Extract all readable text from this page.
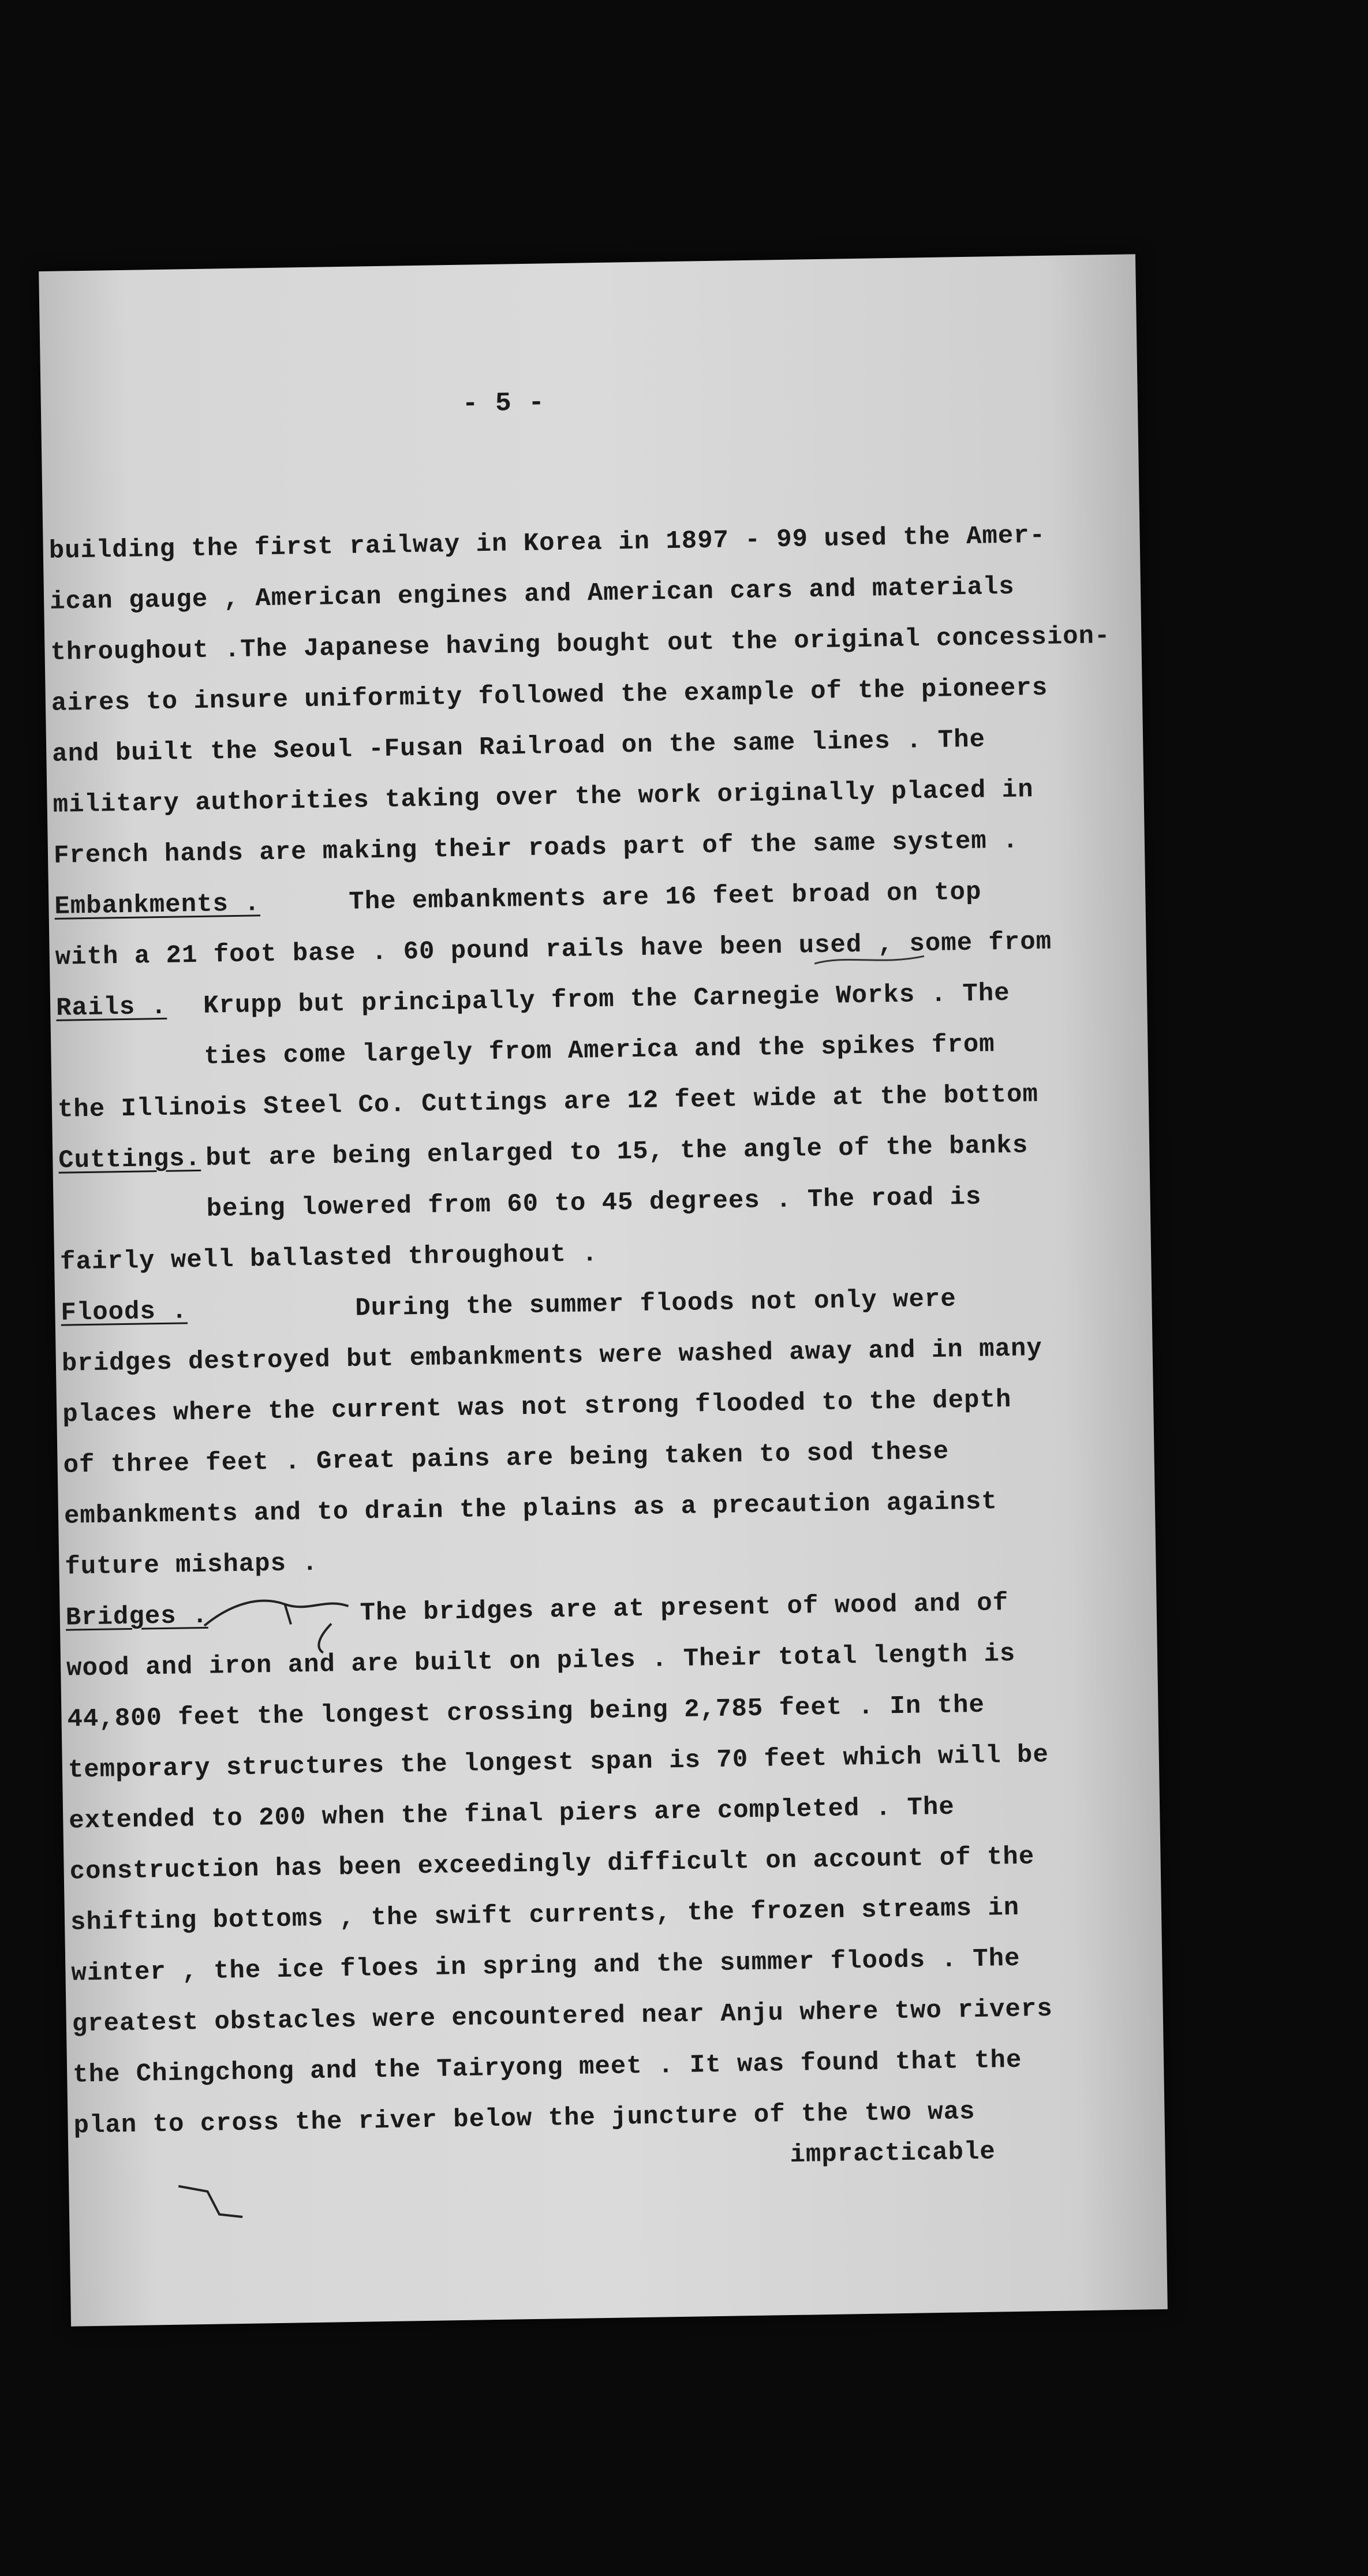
- 5 -
building the first railway in Korea in 1897 - 99 used the Amer-
ican gauge , American engines and American cars and materials
throughout .The Japanese having bought out the original concession-
aires to insure uniformity followed the example of the pioneers
and built the Seoul -Fusan Railroad on the same lines . The
military authorities taking over the work originally placed in
French hands are making their roads part of the same system .
Embankments .	The embankments are 16 feet broad on top
with a 21 foot base . 60 pound rails have been used , some from
Rails . Krupp but principally from the Carnegie Works . The
ties come largely from America and the spikes from
the Illinois Steel Co. Cuttings are 12 feet wide at the bottom
Cuttings. but are being enlarged to 15, the angle of the banks
being lowered from 60 to 45 degrees . The road is
fairly well ballasted throughout .
Floods .	During the summer floods not only were
bridges destroyed but embankments were washed away and in many
places where the current was not strong flooded to the depth
of three feet . Great pains are being taken to sod these
embankments and to drain the plains as a precaution against
future mishaps .
Bridges .	The bridges are at present of wood and of
wood and iron and are built on piles . Their total length is
44,800 feet the longest crossing being 2,785 feet . In the
temporary structures the longest span is 70 feet which will be
extended to 200 when the final piers are completed . The
construction has been exceedingly difficult on account of the
shifting bottoms , the swift currents, the frozen streams in
winter , the ice floes in spring and the summer floods . The
greatest obstacles were encountered near Anju where two rivers
the Chingchong and the Tairyong meet . It was found that the
plan to cross the river below the juncture of the two was
impracticable
